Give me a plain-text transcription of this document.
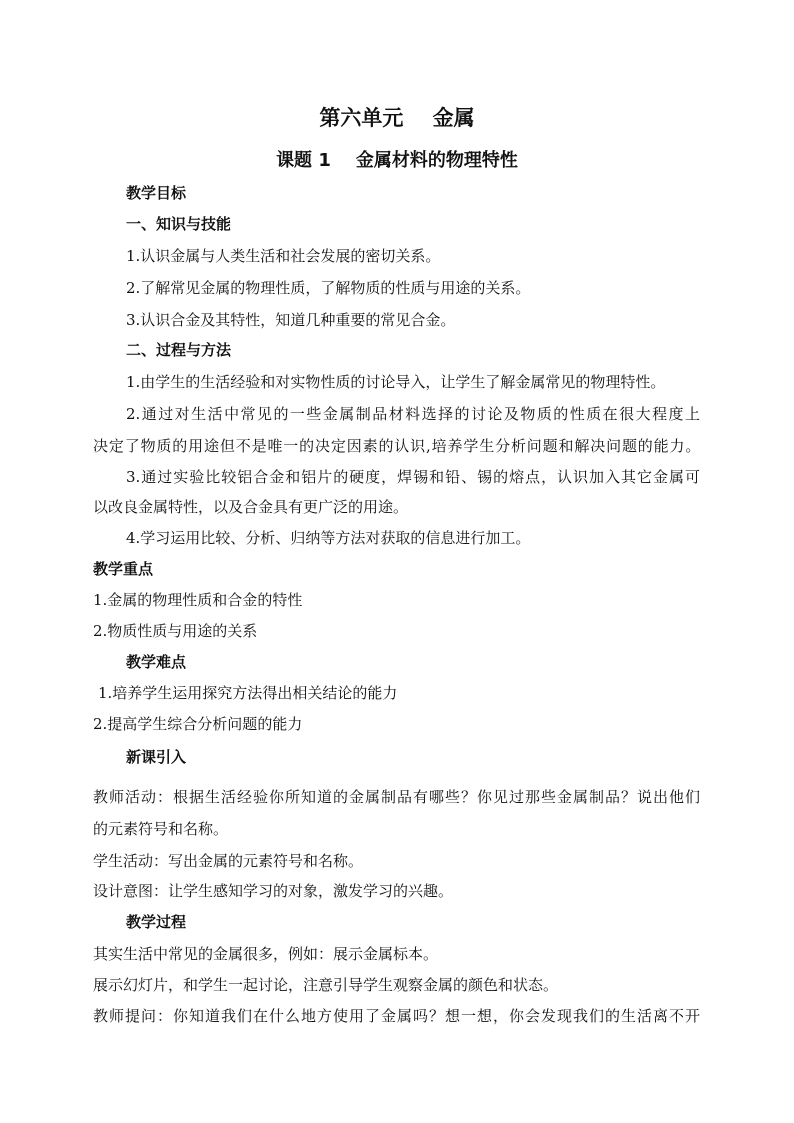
第六单元    金属
课题 1    金属材料的物理特性
教学目标
一、知识与技能
1.认识金属与人类生活和社会发展的密切关系。
2.了解常见金属的物理性质，了解物质的性质与用途的关系。
3.认识合金及其特性，知道几种重要的常见合金。
二、过程与方法
1.由学生的生活经验和对实物性质的讨论导入，让学生了解金属常见的物理特性。
2.通过对生活中常见的一些金属制品材料选择的讨论及物质的性质在很大程度上
决定了物质的用途但不是唯一的决定因素的认识,培养学生分析问题和解决问题的能力。
3.通过实验比较铝合金和铝片的硬度，焊锡和铅、锡的熔点，认识加入其它金属可
以改良金属特性，以及合金具有更广泛的用途。
4.学习运用比较、分析、归纳等方法对获取的信息进行加工。
教学重点
1.金属的物理性质和合金的特性
2.物质性质与用途的关系
教学难点
1.培养学生运用探究方法得出相关结论的能力
2.提高学生综合分析问题的能力
新课引入
教师活动：根据生活经验你所知道的金属制品有哪些？你见过那些金属制品？说出他们
的元素符号和名称。
学生活动：写出金属的元素符号和名称。
设计意图：让学生感知学习的对象，激发学习的兴趣。
教学过程
其实生活中常见的金属很多，例如：展示金属标本。
展示幻灯片，和学生一起讨论，注意引导学生观察金属的颜色和状态。
教师提问：你知道我们在什么地方使用了金属吗？想一想，你会发现我们的生活离不开
